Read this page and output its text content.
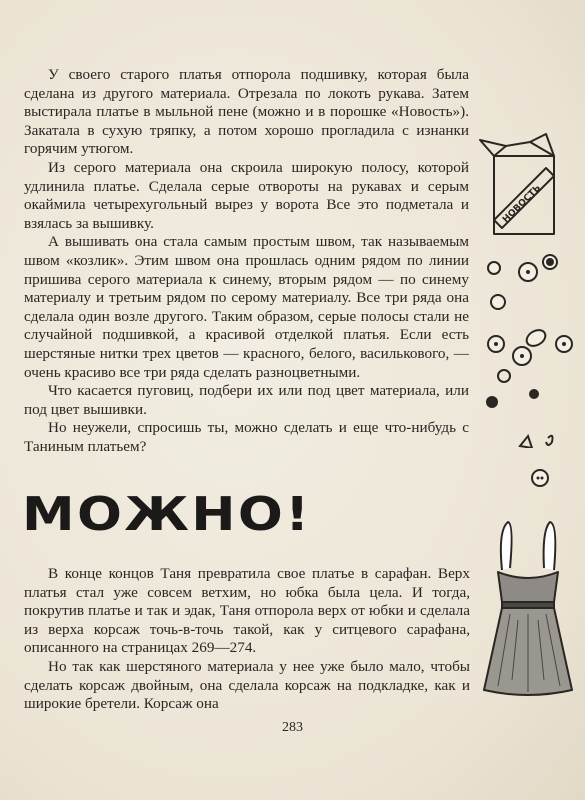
У своего старого платья отпорола подшивку, которая была сделана из другого материала. Отрезала по локоть рукава. Затем выстирала платье в мыльной пене (можно и в порошке «Новость»). Закатала в сухую тряпку, а потом хорошо прогладила с изнанки горячим утюгом.

Из серого материала она скроила широкую полосу, которой удлинила платье. Сделала серые отвороты на рукавах и серым окаймила четырехугольный вырез у ворота Все это подметала и взялась за вышивку.

А вышивать она стала самым простым швом, так называемым швом «козлик». Этим швом она прошлась одним рядом по линии пришива серого материала к синему, вторым рядом — по синему материалу и третьим рядом по серому материалу. Все три ряда она сделала один возле другого. Таким образом, серые полосы стали не случайной подшивкой, а красивой отделкой платья. Если есть шерстяные нитки трех цветов — красного, белого, василькового, — очень красиво все три ряда сделать разноцветными.

Что касается пуговиц, подбери их или под цвет материала, или под цвет вышивки.

Но неужели, спросишь ты, можно сделать и еще что-нибудь с Таниным платьем?

МОЖНО!

В конце концов Таня превратила свое платье в сарафан. Верх платья стал уже совсем ветхим, но юбка была цела. И тогда, покрутив платье и так и эдак, Таня отпорола верх от юбки и сделала из верха корсаж точь-в-точь такой, как у ситцевого сарафана, описанного на страницах 269—274.

Но так как шерстяного материала у нее уже было мало, чтобы сделать корсаж двойным, она сделала корсаж на подкладке, как и широкие бретели. Корсаж она

НОВОСТЬ
283
